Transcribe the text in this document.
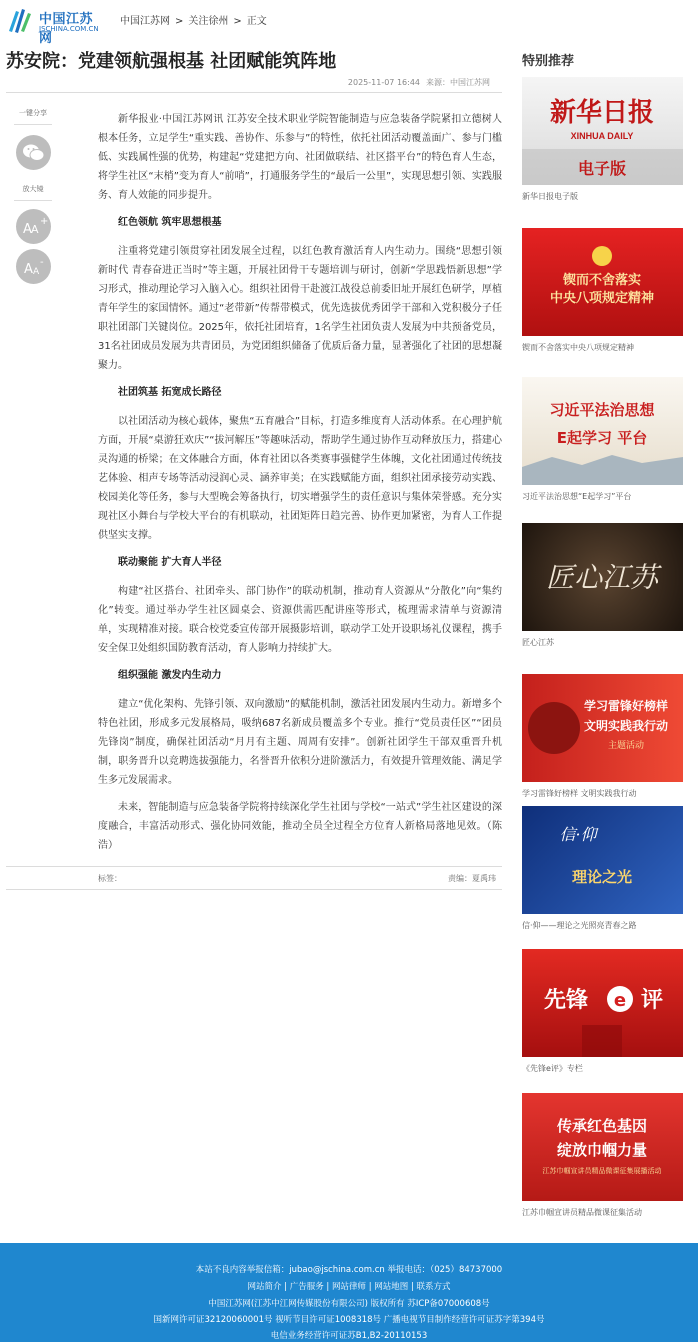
中国江苏网
JSCHINA.COM.CN
中国江苏网 > 关注徐州 > 正文
苏安院：党建领航强根基 社团赋能筑阵地
2025-11-07 16:44 来源：中国江苏网
一键分享
放大镜
A A
+
A A
-

新华报业·中国江苏网讯 江苏安全技术职业学院智能制造与应急装备学院紧扣立德树人根本任务，立足学生“重实践、善协作、乐参与”的特性，依托社团活动覆盖面广、参与门槛低、实践属性强的优势，构建起“党建把方向、社团做联结、社区搭平台”的特色育人生态，将学生社区“末梢”变为育人“前哨”，打通服务学生的“最后一公里”，实现思想引领、实践服务、育人效能的同步提升。

红色领航 筑牢思想根基

注重将党建引领贯穿社团发展全过程，以红色教育激活育人内生动力。围绕“思想引领新时代 青春奋进正当时”等主题，开展社团骨干专题培训与研讨，创新“学思践悟新思想”学习形式，推动理论学习入脑入心。组织社团骨干赴渡江战役总前委旧址开展红色研学，厚植青年学生的家国情怀。通过“老带新”传帮带模式，优先选拔优秀团学干部和入党积极分子任职社团部门关键岗位。2025年，依托社团培育，1名学生社团负责人发展为中共预备党员，31名社团成员发展为共青团员，为党团组织储备了优质后备力量，显著强化了社团的思想凝聚力。

社团筑基 拓宽成长路径

以社团活动为核心载体，聚焦“五育融合”目标，打造多维度育人活动体系。在心理护航方面，开展“桌游狂欢庆”“拔河解压”等趣味活动，帮助学生通过协作互动释放压力，搭建心灵沟通的桥梁；在文体融合方面，体育社团以各类赛事强健学生体魄，文化社团通过传统技艺体验、相声专场等活动浸润心灵、涵养审美；在实践赋能方面，组织社团承接劳动实践、校园美化等任务，参与大型晚会筹备执行，切实增强学生的责任意识与集体荣誉感。充分实现社区小舞台与学校大平台的有机联动，社团矩阵日趋完善、协作更加紧密，为育人工作提供坚实支撑。

联动聚能 扩大育人半径

构建“社区搭台、社团牵头、部门协作”的联动机制，推动育人资源从“分散化”向“集约化”转变。通过举办学生社区圆桌会、资源供需匹配讲座等形式，梳理需求清单与资源清单，实现精准对接。联合校党委宣传部开展摄影培训，联动学工处开设职场礼仪课程，携手安全保卫处组织国防教育活动，育人影响力持续扩大。

组织强能 激发内生动力

建立“优化架构、先锋引领、双向激励”的赋能机制，激活社团发展内生动力。新增多个特色社团，形成多元发展格局，吸纳687名新成员覆盖多个专业。推行“党员责任区”“团员先锋岗”制度，确保社团活动“月月有主题、周周有安排”。创新社团学生干部双重晋升机制，职务晋升以竞聘选拔强能力，名誉晋升依积分进阶激活力，有效提升管理效能、满足学生多元发展需求。

未来，智能制造与应急装备学院将持续深化学生社团与学校“一站式”学生社区建设的深度融合，丰富活动形式、强化协同效能，推动全员全过程全方位育人新格局落地见效。（陈浩）

标签：	责编：夏禹玮
特别推荐
新华日报
XINHUA DAILY
电子版
新华日报电子版
锲而不舍落实
中央八项规定精神
锲而不舍落实中央八项规定精神
习近平法治思想
E起学习 平台
习近平法治思想“E起学习”平台
匠心江苏
匠心江苏
学习雷锋好榜样
文明实践我行动
主题活动
学习雷锋好榜样 文明实践我行动
信·仰
理论之光
信·仰——理论之光照亮青春之路
先锋 e 评
《先锋e评》专栏
传承红色基因
绽放巾帼力量
江苏巾帼宣讲员精品微课征集展播活动
江苏巾帼宣讲员精品微课征集活动
本站不良内容举报信箱：jubao@jschina.com.cn 举报电话：（025）84737000
网站简介 | 广告服务 | 网站律师 | 网站地图 | 联系方式
中国江苏网(江苏中江网传媒股份有限公司) 版权所有 苏ICP备07000608号
国新网许可证32120060001号 视听节目许可证1008318号 广播电视节目制作经营许可证苏字第394号
电信业务经营许可证苏B1,B2-20110153
